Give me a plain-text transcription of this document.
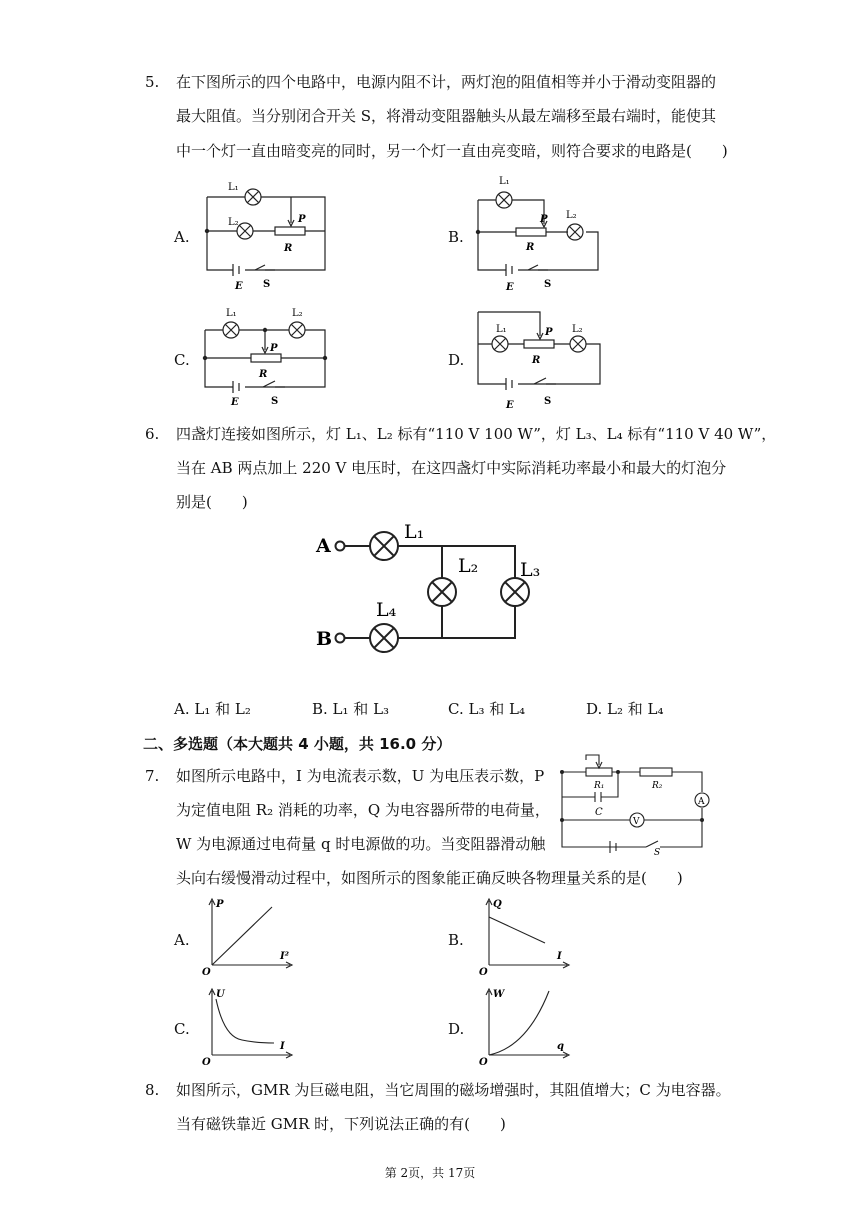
5. 在下图所示的四个电路中，电源内阻不计，两灯泡的阻值相等并小于滑动变阻器的
最大阻值。当分别闭合开关 S，将滑动变阻器触头从最左端移至最右端时，能使其
中一个灯一直由暗变亮的同时，另一个灯一直由亮变暗，则符合要求的电路是(　　)
A.	B.
C.	D.
L₁
L₂	P
R
E S
L₁
L₂
P
R
E	S
L₁	L₂
P
R
E	S
L₁	L₂
P
R
E	S
6. 四盏灯连接如图所示，灯 L₁、L₂ 标有“110 V 100 W”，灯 L₃、L₄ 标有“110 V 40 W”，
当在 AB 两点加上 220 V 电压时，在这四盏灯中实际消耗功率最小和最大的灯泡分
别是(　　)
A
B
L₁
L₂ L₃
L₄
A. L₁ 和 L₂	B. L₁ 和 L₃	C. L₃ 和 L₄	D. L₂ 和 L₄
二、多选题（本大题共 4 小题，共 16.0 分）
7. 如图所示电路中，I 为电流表示数，U 为电压表示数，P
为定值电阻 R₂ 消耗的功率，Q 为电容器所带的电荷量，
W 为电源通过电荷量 q 时电源做的功。当变阻器滑动触
头向右缓慢滑动过程中，如图所示的图象能正确反映各物理量关系的是(　　)
A
V
R₁	R₂
C
S
A.	B.
C.	D.
P
I²
O
Q
I
O
U
I
O
W
q
O
8. 如图所示，GMR 为巨磁电阻，当它周围的磁场增强时，其阻值增大；C 为电容器。
当有磁铁靠近 GMR 时，下列说法正确的有(　　)
第 2页，共 17页
